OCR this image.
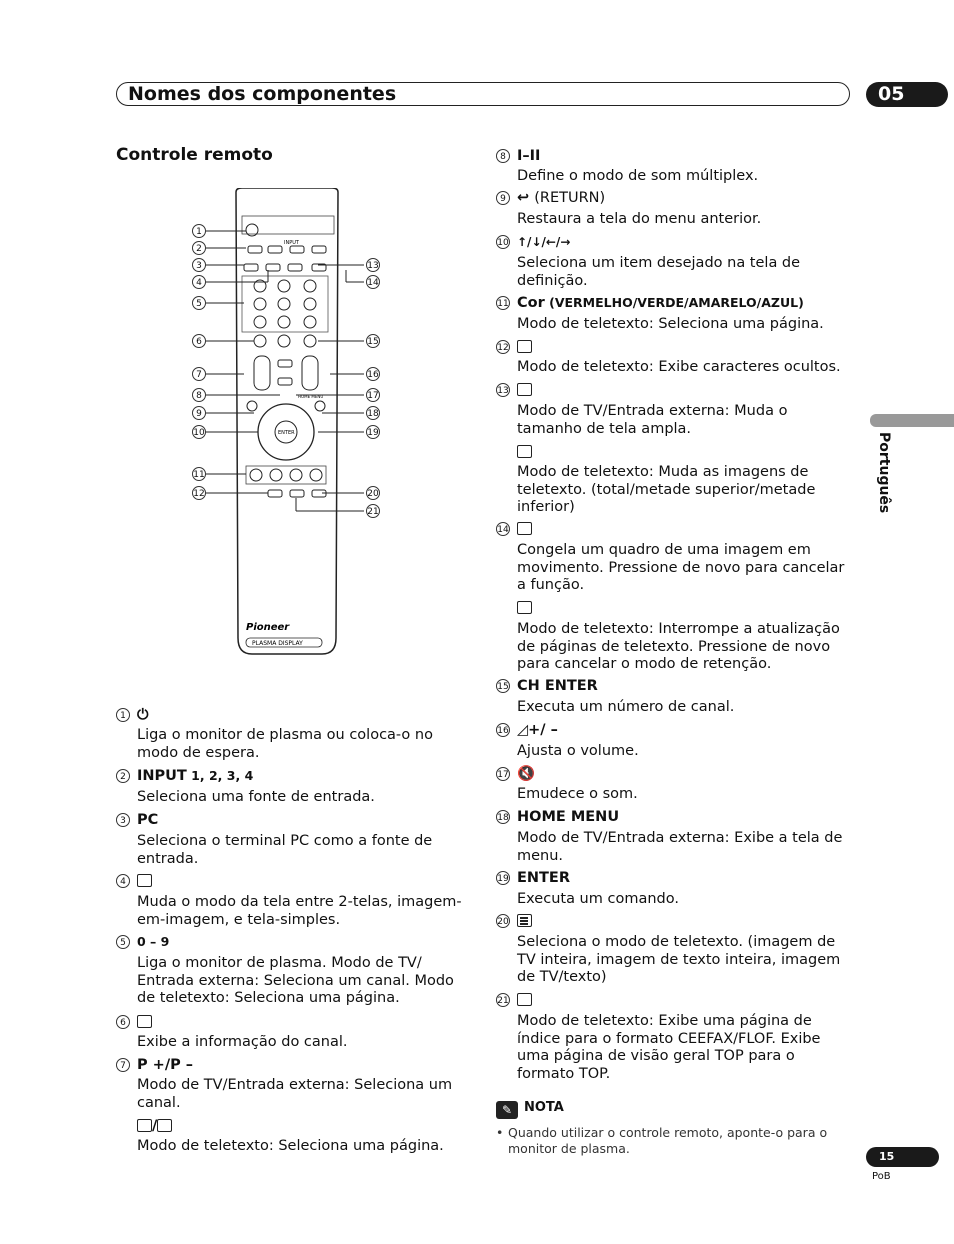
Nomes dos componentes	05
Controle remoto
Português
INPUT
HOME MENU
ENTER
Pioneer
PLASMA DISPLAY
1
2
3
4
5
6
7
8
9
10
11
12
13
14
15
16
17
18
19
20
21
1 ⏻
Liga o monitor de plasma ou coloca-o no modo de espera.
2 INPUT 1, 2, 3, 4
Seleciona uma fonte de entrada.
3 PC
Seleciona o terminal PC como a fonte de entrada.
4
Muda o modo da tela entre 2-telas, imagem-em-imagem, e tela-simples.
5 0 – 9
Liga o monitor de plasma. Modo de TV/ Entrada externa: Seleciona um canal. Modo de teletexto: Seleciona uma página.
6
Exibe a informação do canal.
7 P +/P –
Modo de TV/Entrada externa: Seleciona um canal.
/
Modo de teletexto: Seleciona uma página.
8 I–II
Define o modo de som múltiplex.
9 ↩ (RETURN)
Restaura a tela do menu anterior.
10 ↑/↓/←/→
Seleciona um item desejado na tela de definição.
11 Cor (VERMELHO/VERDE/AMARELO/AZUL)
Modo de teletexto: Seleciona uma página.
12
Modo de teletexto: Exibe caracteres ocultos.
13
Modo de TV/Entrada externa: Muda o tamanho de tela ampla.
Modo de teletexto: Muda as imagens de teletexto. (total/metade superior/metade inferior)
14
Congela um quadro de uma imagem em movimento. Pressione de novo para cancelar a função.
Modo de teletexto: Interrompe a atualização de páginas de teletexto. Pressione de novo para cancelar o modo de retenção.
15 CH ENTER
Executa um número de canal.
16 ◿+/ –
Ajusta o volume.
17 🔇
Emudece o som.
18 HOME MENU
Modo de TV/Entrada externa: Exibe a tela de menu.
19 ENTER
Executa um comando.
20
Seleciona o modo de teletexto. (imagem de TV inteira, imagem de texto inteira, imagem de TV/texto)
21
Modo de teletexto: Exibe uma página de índice para o formato CEEFAX/FLOF. Exibe uma página de visão geral TOP para o formato TOP.
✎ NOTA
• Quando utilizar o controle remoto, aponte-o para o monitor de plasma.
15
PoB
